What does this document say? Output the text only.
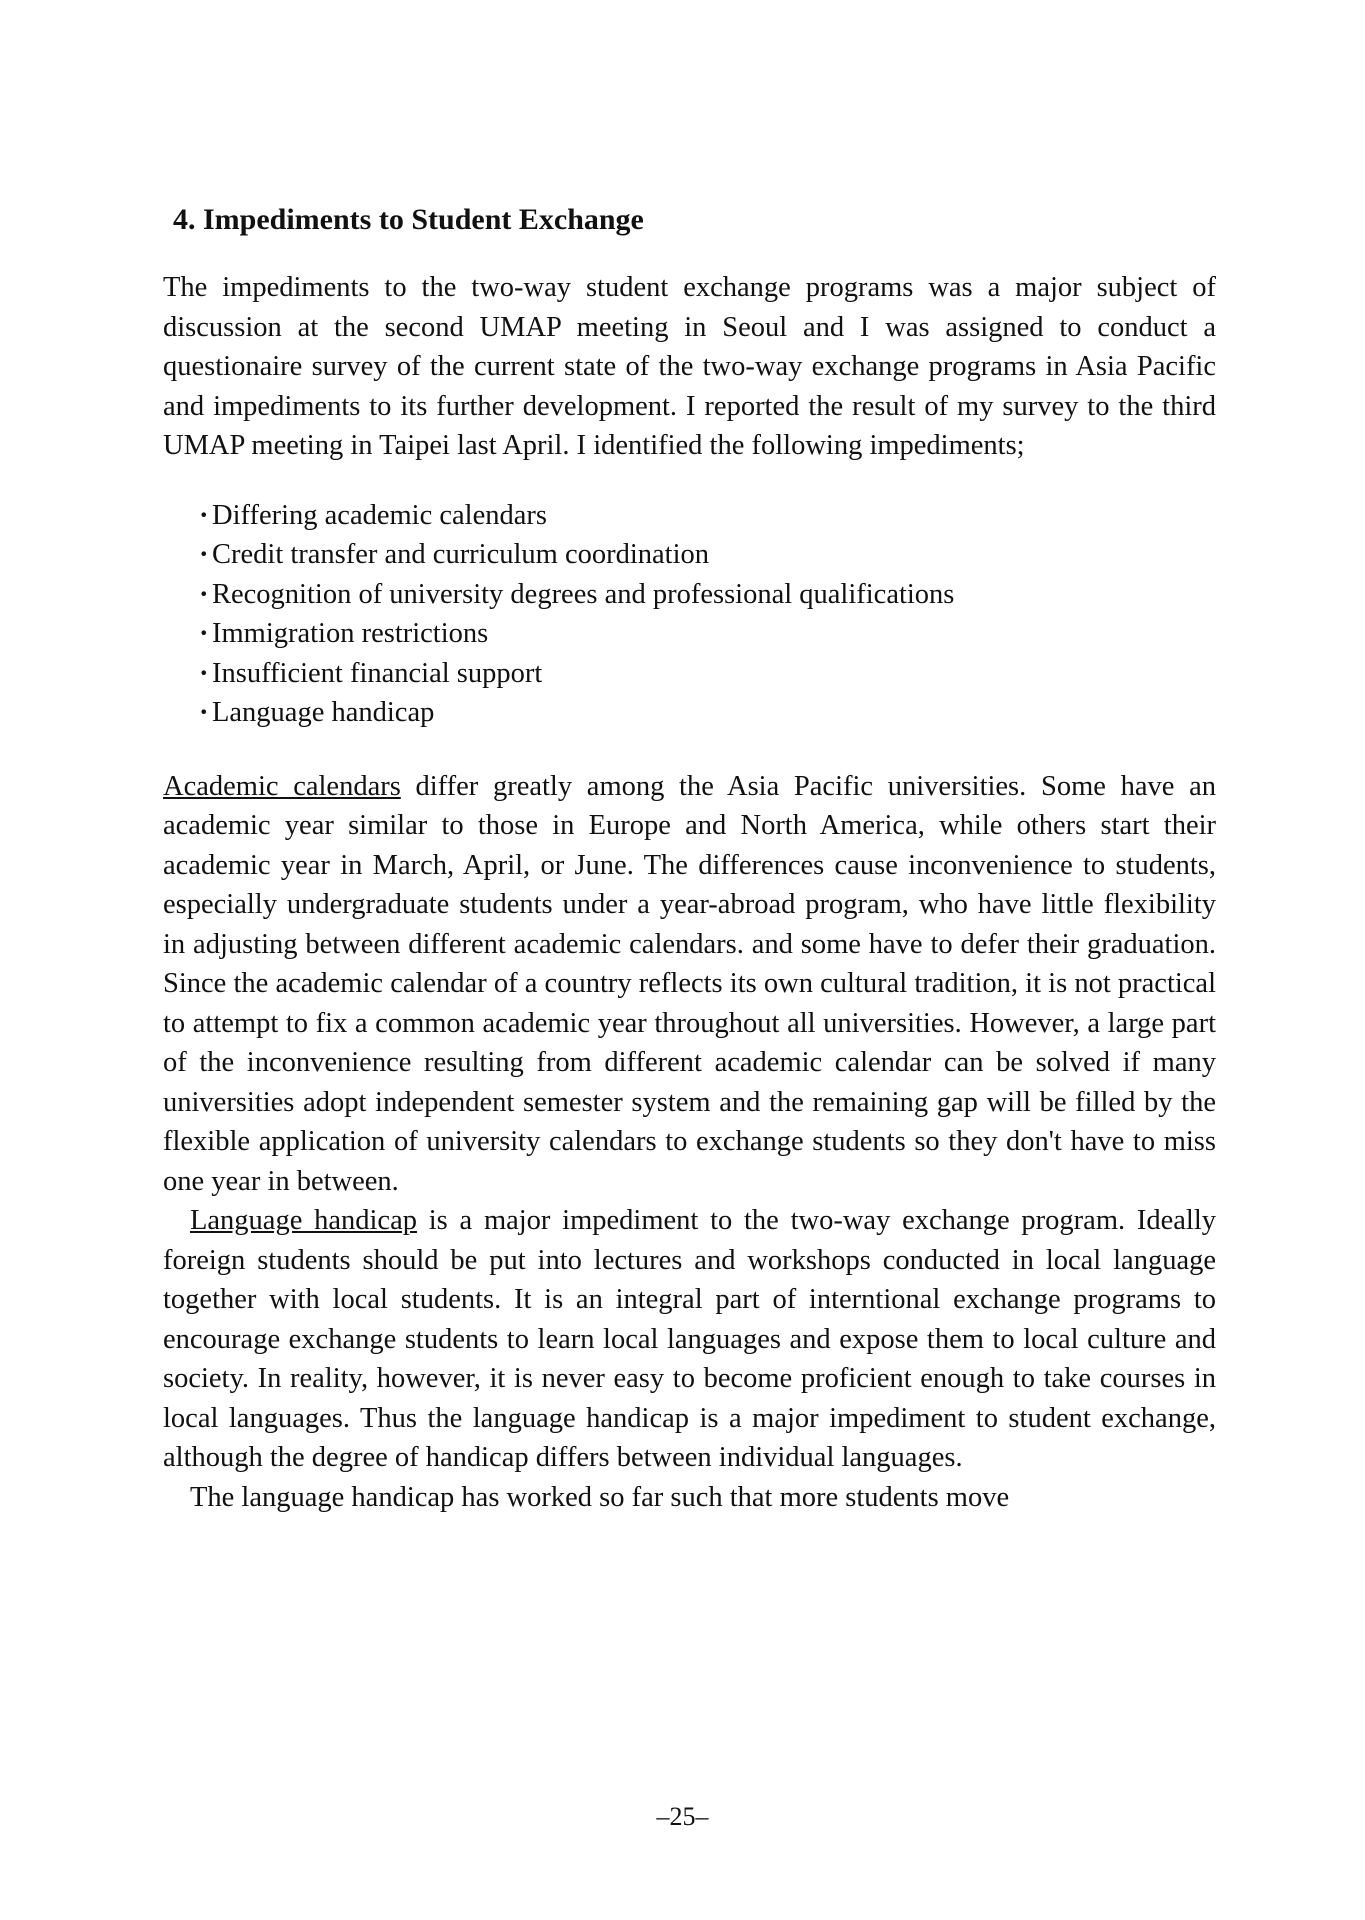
4. Impediments to Student Exchange

The impediments to the two-way student exchange programs was a major subject of discussion at the second UMAP meeting in Seoul and I was assigned to conduct a questionaire survey of the current state of the two-way exchange programs in Asia Pacific and impediments to its further development. I reported the result of my survey to the third UMAP meeting in Taipei last April. I identified the following impediments;

· Differing academic calendars
· Credit transfer and curriculum coordination
· Recognition of university degrees and professional qualifications
· Immigration restrictions
· Insufficient financial support
· Language handicap

Academic calendars differ greatly among the Asia Pacific universities. Some have an academic year similar to those in Europe and North America, while others start their academic year in March, April, or June. The differences cause inconvenience to students, especially undergraduate students under a year-abroad program, who have little flexibility in adjusting between different academic calendars. and some have to defer their graduation. Since the academic calendar of a country reflects its own cultural tradition, it is not practical to attempt to fix a common academic year throughout all universities. However, a large part of the inconvenience resulting from different academic calendar can be solved if many universities adopt independent semester system and the remaining gap will be filled by the flexible application of university calendars to exchange students so they don't have to miss one year in between.

Language handicap is a major impediment to the two-way exchange program. Ideally foreign students should be put into lectures and workshops conducted in local language together with local students. It is an integral part of interntional exchange programs to encourage exchange students to learn local languages and expose them to local culture and society. In reality, however, it is never easy to become proficient enough to take courses in local languages. Thus the language handicap is a major impediment to student exchange, although the degree of handicap differs between individual languages.

The language handicap has worked so far such that more students move

–25–
